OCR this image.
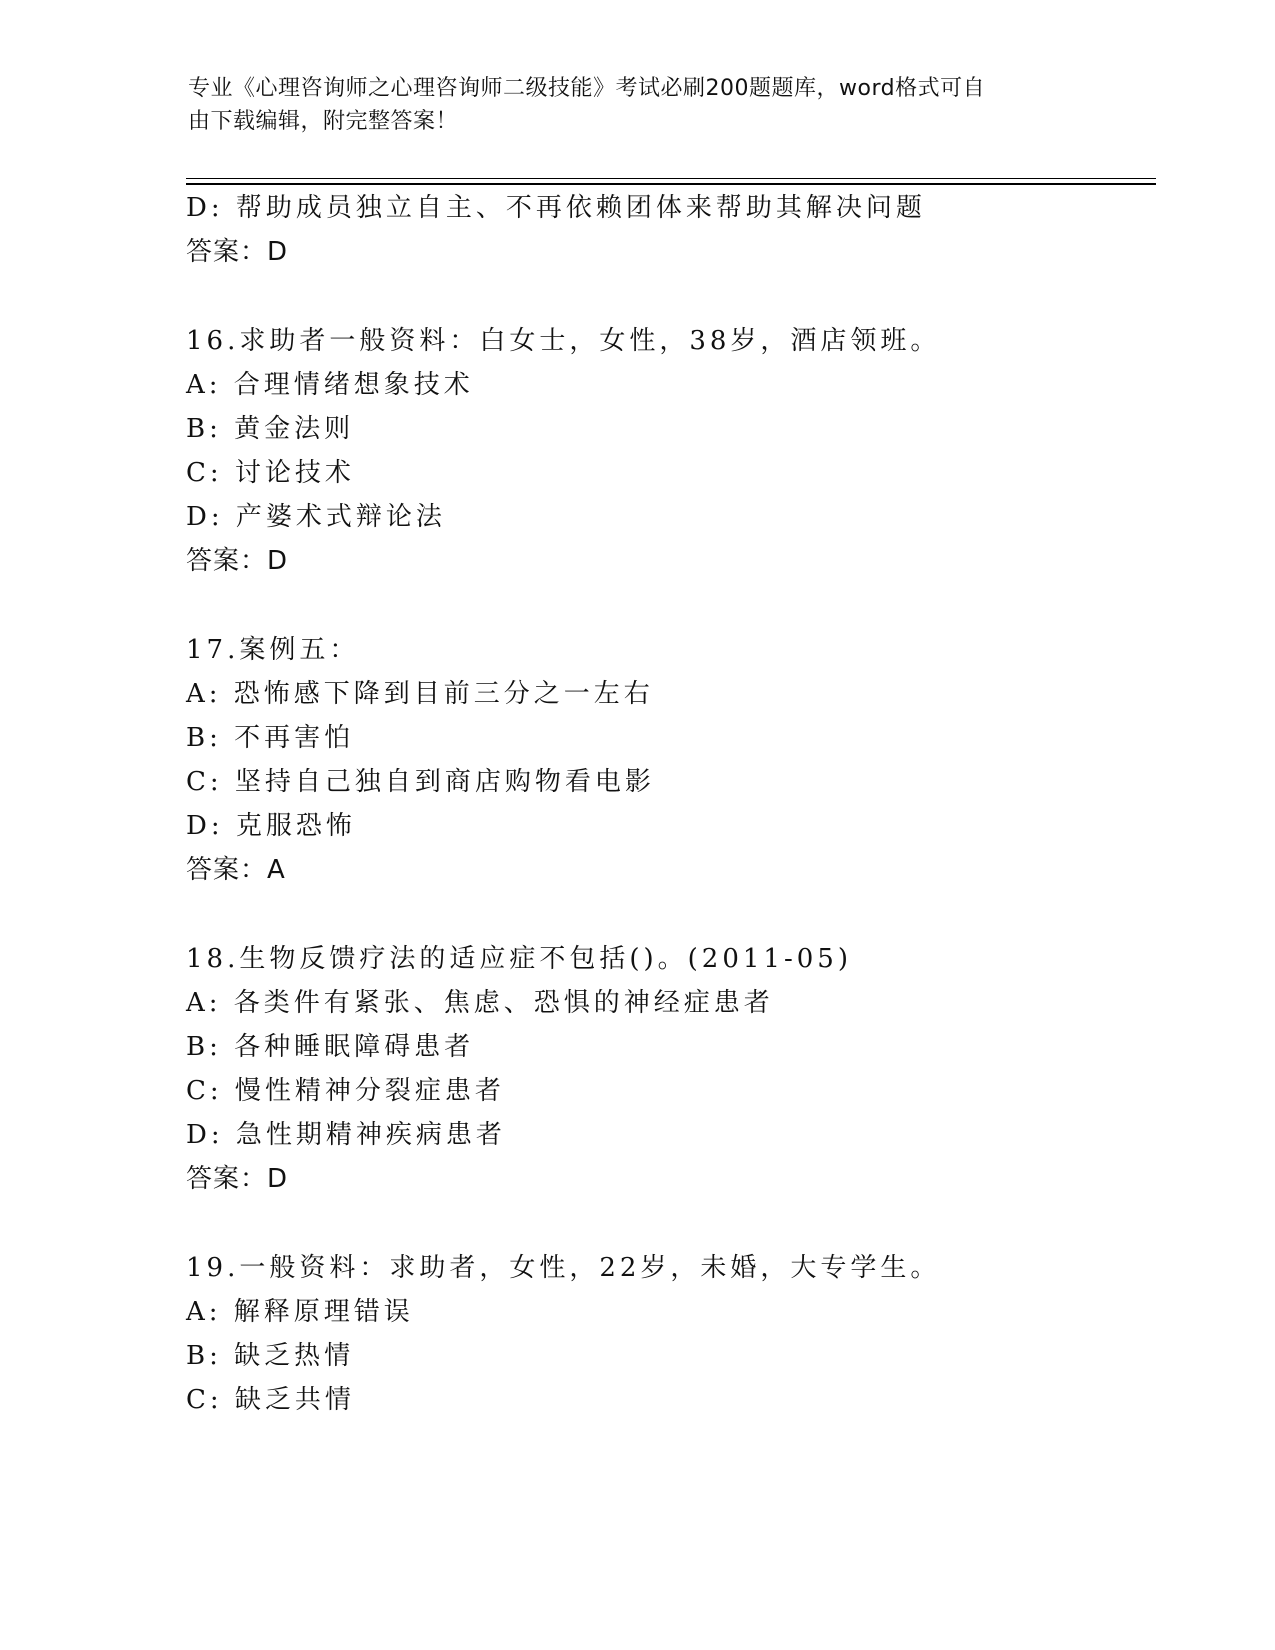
专业《心理咨询师之心理咨询师二级技能》考试必刷200题题库，word格式可自
由下载编辑，附完整答案！
D: 帮助成员独立自主、不再依赖团体来帮助其解决问题
答案：D
16.求助者一般资料：白女士，女性，38岁，酒店领班。
A: 合理情绪想象技术
B: 黄金法则
C: 讨论技术
D: 产婆术式辩论法
答案：D
17.案例五：
A: 恐怖感下降到目前三分之一左右
B: 不再害怕
C: 坚持自己独自到商店购物看电影
D: 克服恐怖
答案：A
18.生物反馈疗法的适应症不包括()。(2011-05)
A: 各类件有紧张、焦虑、恐惧的神经症患者
B: 各种睡眠障碍患者
C: 慢性精神分裂症患者
D: 急性期精神疾病患者
答案：D
19.一般资料：求助者，女性，22岁，未婚，大专学生。
A: 解释原理错误
B: 缺乏热情
C: 缺乏共情
